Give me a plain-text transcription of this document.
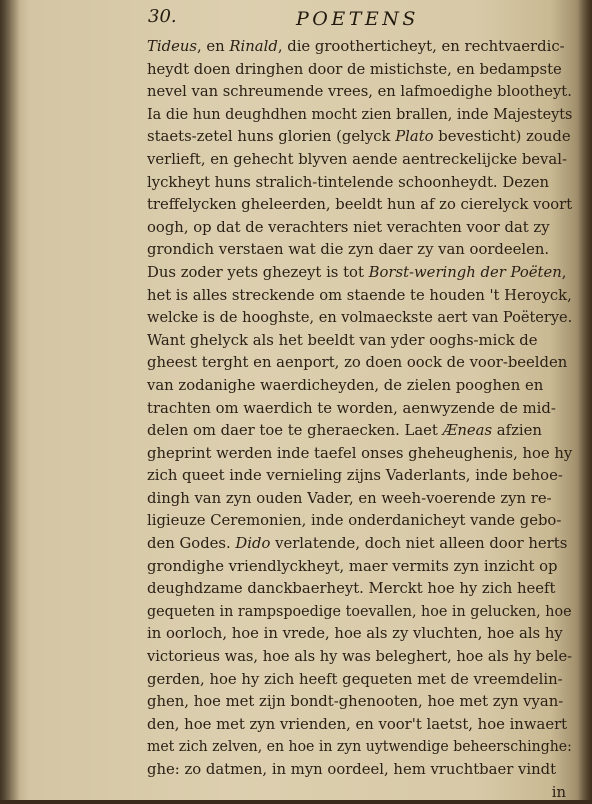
30.	POETENS
Tideus, en Rinald, die grootherticheyt, en rechtvaerdic-
heydt doen dringhen door de mistichste, en bedampste
nevel van schreumende vrees, en lafmoedighe blootheyt.
Ia die hun deughdhen mocht zien brallen, inde Majesteyts
staets-zetel huns glorien (gelyck Plato bevesticht) zoude
verlieft, en gehecht blyven aende aentreckelijcke beval-
lyckheyt huns stralich-tintelende schoonheydt. Dezen
treffelycken gheleerden, beeldt hun af zo cierelyck voort
oogh, op dat de verachters niet verachten voor dat zy
grondich verstaen wat die zyn daer zy van oordeelen.
Dus zoder yets ghezeyt is tot Borst-weringh der Poëten,
het is alles streckende om staende te houden 't Heroyck,
welcke is de hooghste, en volmaeckste aert van Poëterye.
Want ghelyck als het beeldt van yder ooghs-mick de
gheest terght en aenport, zo doen oock de voor-beelden
van zodanighe waerdicheyden, de zielen pooghen en
trachten om waerdich te worden, aenwyzende de mid-
delen om daer toe te gheraecken. Laet Æneas afzien
gheprint werden inde taefel onses gheheughenis, hoe hy
zich queet inde vernieling zijns Vaderlants, inde behoe-
dingh van zyn ouden Vader, en weeh-voerende zyn re-
ligieuze Ceremonien, inde onderdanicheyt vande gebo-
den Godes. Dido verlatende, doch niet alleen door herts
grondighe vriendlyckheyt, maer vermits zyn inzicht op
deughdzame danckbaerheyt. Merckt hoe hy zich heeft
gequeten in rampspoedige toevallen, hoe in gelucken, hoe
in oorloch, hoe in vrede, hoe als zy vluchten, hoe als hy
victorieus was, hoe als hy was beleghert, hoe als hy bele-
gerden, hoe hy zich heeft gequeten met de vreemdelin-
ghen, hoe met zijn bondt-ghenooten, hoe met zyn vyan-
den, hoe met zyn vrienden, en voor't laetst, hoe inwaert
met zich zelven, en hoe in zyn uytwendige beheerschinghe:
ghe: zo datmen, in myn oordeel, hem vruchtbaer vindt
in
